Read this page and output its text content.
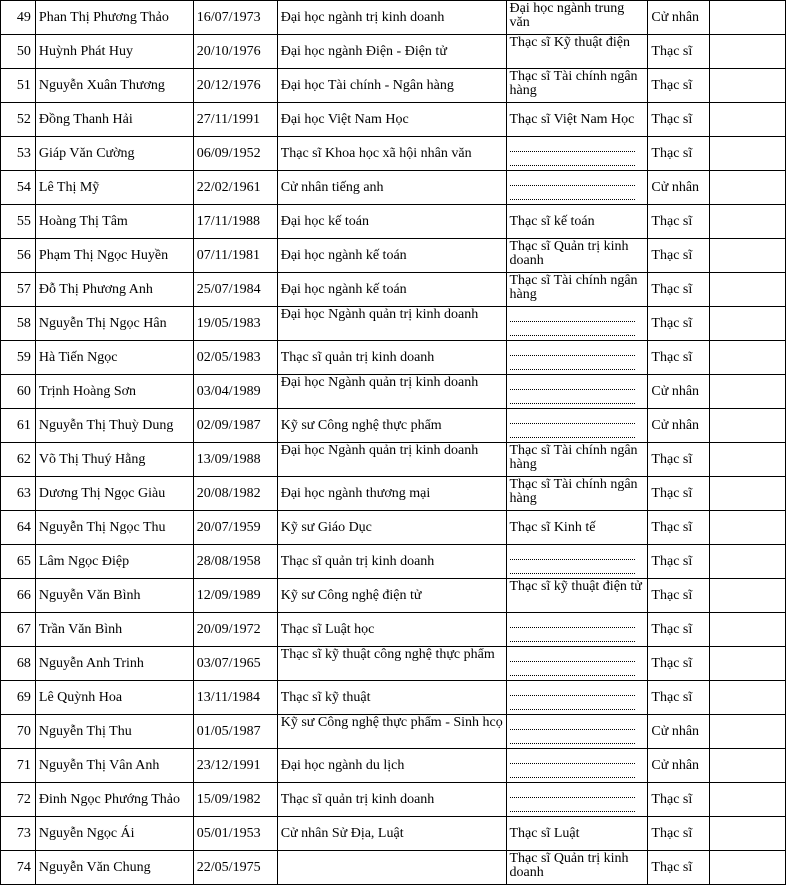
49	Phan Thị Phương Thảo	16/07/1973	Đại học ngành trị kinh doanh	Đại học ngành trung văn	Cử nhân	
50	Huỳnh Phát Huy	20/10/1976	Đại học ngành Điện - Điện tử	Thạc sĩ Kỹ thuật điện	Thạc sĩ	
51	Nguyễn Xuân Thương	20/12/1976	Đại học Tài chính - Ngân hàng	Thạc sĩ Tài chính ngân hàng	Thạc sĩ	
52	Đồng Thanh Hải	27/11/1991	Đại học Việt Nam Học	Thạc sĩ Việt Nam Học	Thạc sĩ	
53	Giáp Văn Cường	06/09/1952	Thạc sĩ Khoa học xã hội nhân văn		Thạc sĩ	
54	Lê Thị Mỹ	22/02/1961	Cử nhân tiếng anh		Cử nhân	
55	Hoàng Thị Tâm	17/11/1988	Đại học kế toán	Thạc sĩ kế toán	Thạc sĩ	
56	Phạm Thị Ngọc Huyền	07/11/1981	Đại học ngành kế toán	Thạc sĩ Quản trị kinh doanh	Thạc sĩ	
57	Đỗ Thị Phương Anh	25/07/1984	Đại học ngành kế toán	Thạc sĩ Tài chính ngân hàng	Thạc sĩ	
58	Nguyễn Thị Ngọc Hân	19/05/1983	Đại học Ngành quản trị kinh doanh		Thạc sĩ	
59	Hà Tiến Ngọc	02/05/1983	Thạc sĩ quản trị kinh doanh		Thạc sĩ	
60	Trịnh Hoàng Sơn	03/04/1989	Đại học Ngành quản trị kinh doanh		Cử nhân	
61	Nguyễn Thị Thuỳ Dung	02/09/1987	Kỹ sư Công nghệ thực phẩm		Cử nhân	
62	Võ Thị Thuý Hằng	13/09/1988	Đại học Ngành quản trị kinh doanh	Thạc sĩ Tài chính ngân hàng	Thạc sĩ	
63	Dương Thị Ngọc Giàu	20/08/1982	Đại học ngành thương mại	Thạc sĩ Tài chính ngân hàng	Thạc sĩ	
64	Nguyễn Thị Ngọc Thu	20/07/1959	Kỹ sư Giáo Dục	Thạc sĩ Kinh tế	Thạc sĩ	
65	Lâm Ngọc Điệp	28/08/1958	Thạc sĩ quản trị kinh doanh		Thạc sĩ	
66	Nguyễn Văn Bình	12/09/1989	Kỹ sư Công nghệ điện tử	Thạc sĩ kỹ thuật điện tử	Thạc sĩ	
67	Trần Văn Bình	20/09/1972	Thạc sĩ Luật học		Thạc sĩ	
68	Nguyễn Anh Trinh	03/07/1965	Thạc sĩ kỹ thuật công nghệ thực phẩm		Thạc sĩ	
69	Lê Quỳnh Hoa	13/11/1984	Thạc sĩ kỹ thuật		Thạc sĩ	
70	Nguyễn Thị Thu	01/05/1987	Kỹ sư Công nghệ thực phẩm - Sinh hcọ		Cử nhân	
71	Nguyễn Thị Vân Anh	23/12/1991	Đại học ngành du lịch		Cử nhân	
72	Đinh Ngọc Phướng Thảo	15/09/1982	Thạc sĩ quản trị kinh doanh		Thạc sĩ	
73	Nguyễn Ngọc Ái	05/01/1953	Cử nhân Sử Địa, Luật	Thạc sĩ Luật	Thạc sĩ	
74	Nguyễn Văn Chung	22/05/1975		Thạc sĩ Quản trị kinh doanh	Thạc sĩ	
